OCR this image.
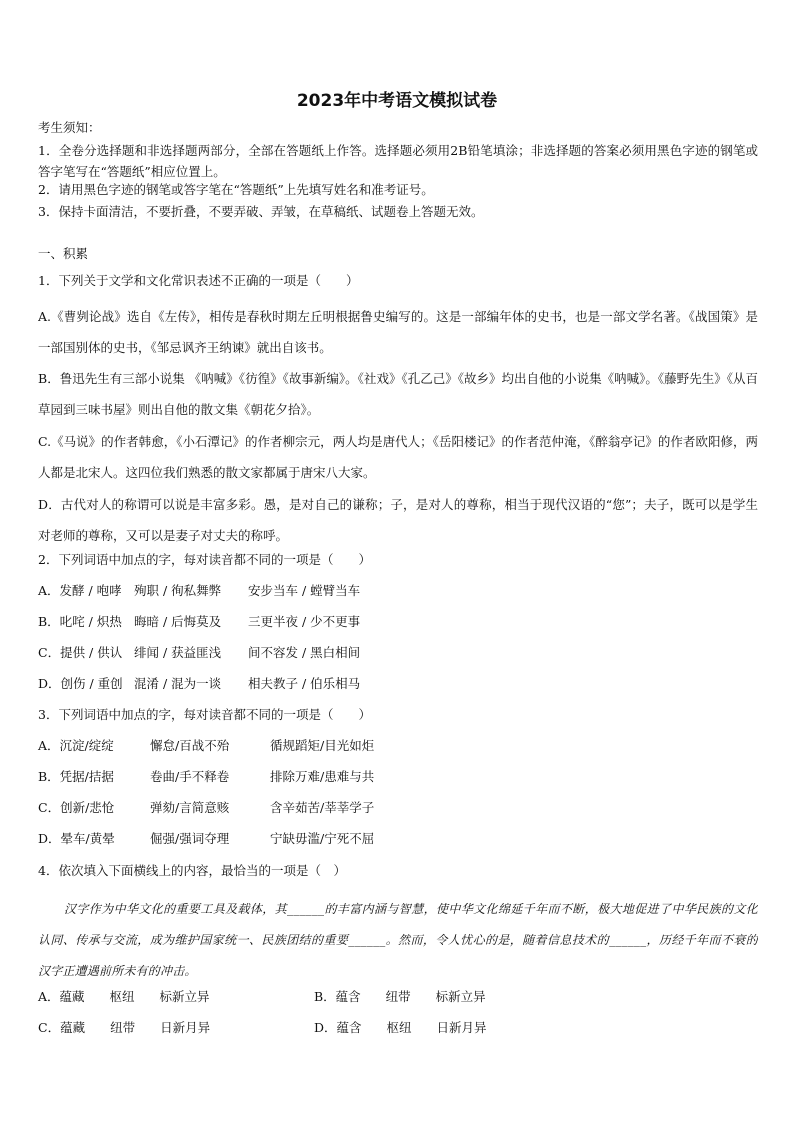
2023年中考语文模拟试卷
考生须知：
1．全卷分选择题和非选择题两部分，全部在答题纸上作答。选择题必须用2B铅笔填涂；非选择题的答案必须用黑色字迹的钢笔或答字笔写在“答题纸”相应位置上。
2．请用黑色字迹的钢笔或答字笔在“答题纸”上先填写姓名和准考证号。
3．保持卡面清洁，不要折叠，不要弄破、弄皱，在草稿纸、试题卷上答题无效。
一、积累
1．下列关于文学和文化常识表述不正确的一项是（　　）
A.《曹刿论战》选自《左传》，相传是春秋时期左丘明根据鲁史编写的。这是一部编年体的史书，也是一部文学名著。《战国策》是一部国别体的史书，《邹忌讽齐王纳谏》就出自该书。
B．鲁迅先生有三部小说集 《呐喊》《彷徨》《故事新编》。《社戏》《孔乙己》《故乡》均出自他的小说集《呐喊》。《藤野先生》《从百草园到三味书屋》则出自他的散文集《朝花夕拾》。
C.《马说》的作者韩愈，《小石潭记》的作者柳宗元，两人均是唐代人；《岳阳楼记》的作者范仲淹，《醉翁亭记》的作者欧阳修，两人都是北宋人。这四位我们熟悉的散文家都属于唐宋八大家。
D．古代对人的称谓可以说是丰富多彩。愚，是对自己的谦称；子，是对人的尊称，相当于现代汉语的“您”；夫子，既可以是学生对老师的尊称，又可以是妻子对丈夫的称呼。
2．下列词语中加点的字，每对读音都不同的一项是（　　）
A．发酵 / 咆哮 殉职 / 徇私舞弊 安步当车 / 螳臂当车
B．叱咤 / 炽热 晦暗 / 后悔莫及 三更半夜 / 少不更事
C．提供 / 供认 绯闻 / 获益匪浅 间不容发 / 黑白相间
D．创伤 / 重创 混淆 / 混为一谈 相夫教子 / 伯乐相马
3．下列词语中加点的字，每对读音都不同的一项是（　　）
A．沉淀/绽绽	懈怠/百战不殆	循规蹈矩/目光如炬
B．凭据/拮据	卷曲/手不释卷	排除万难/患难与共
C．创新/悲怆	弹劾/言简意赅	含辛茹苦/莘莘学子
D．晕车/黄晕	倔强/强词夺理	宁缺毋滥/宁死不屈
4．依次填入下面横线上的内容，最恰当的一项是（　）
汉字作为中华文化的重要工具及载体，其______的丰富内涵与智慧，使中华文化绵延千年而不断，极大地促进了中华民族的文化认同、传承与交流，成为维护国家统一、民族团结的重要______。然而，令人忧心的是，随着信息技术的______，历经千年而不衰的汉字正遭遇前所未有的冲击。
A．蕴藏　　枢纽　　标新立异	B．蕴含　　纽带　　标新立异
C．蕴藏　　纽带　　日新月异	D．蕴含　　枢纽　　日新月异
